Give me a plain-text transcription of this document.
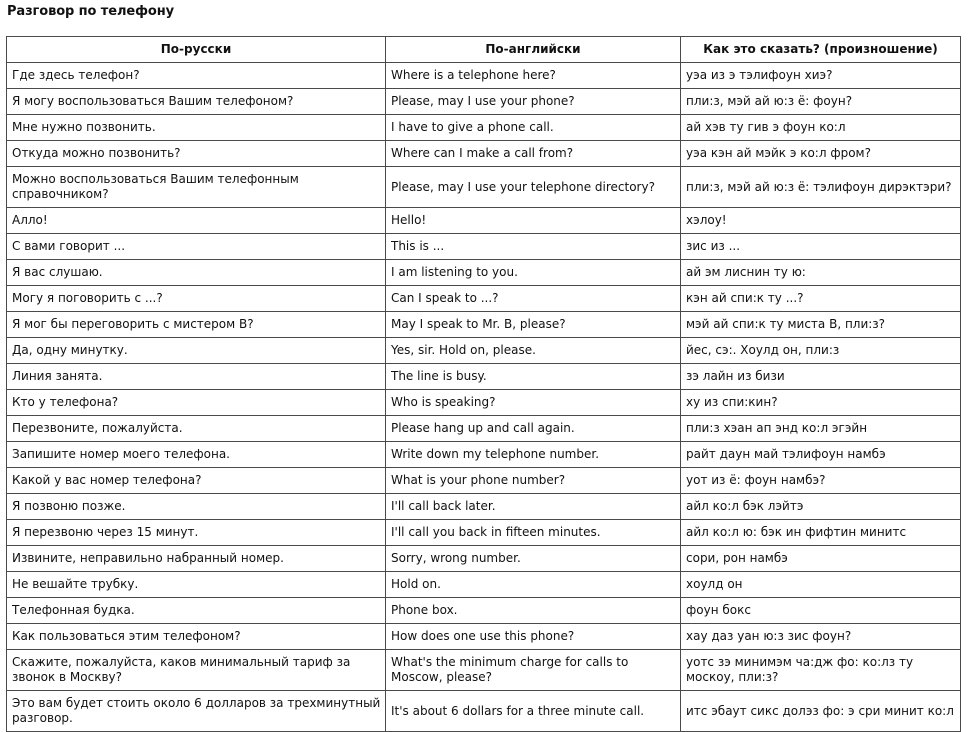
Разговор по телефону
По-русски	По-английски	Как это сказать? (произношение)
Где здесь телефон?	Where is a telephone here?	уэа из э тэлифоун хиэ?
Я могу воспользоваться Вашим телефоном?	Please, may I use your phone?	пли:з, мэй ай ю:з ё: фоун?
Мне нужно позвонить.	I have to give a phone call.	ай хэв ту гив э фоун ко:л
Откуда можно позвонить?	Where can I make a call from?	уэа кэн ай мэйк э ко:л фром?
Можно воспользоваться Вашим телефонным справочником?	Please, may I use your telephone directory?	пли:з, мэй ай ю:з ё: тэлифоун дирэктэри?
Алло!	Hello!	хэлоу!
С вами говорит ...	This is ...	зис из ...
Я вас слушаю.	I am listening to you.	ай эм лиснин ту ю:
Могу я поговорить с ...?	Can I speak to ...?	кэн ай спи:к ту ...?
Я мог бы переговорить с мистером В?	May I speak to Mr. B, please?	мэй ай спи:к ту миста В, пли:з?
Да, одну минутку.	Yes, sir. Hold on, please.	йес, сэ:. Хоулд он, пли:з
Линия занята.	The line is busy.	зэ лайн из бизи
Кто у телефона?	Who is speaking?	ху из спи:кин?
Перезвоните, пожалуйста.	Please hang up and call again.	пли:з хэан ап энд ко:л эгэйн
Запишите номер моего телефона.	Write down my telephone number.	райт даун май тэлифоун намбэ
Какой у вас номер телефона?	What is your phone number?	уот из ё: фоун намбэ?
Я позвоню позже.	I'll call back later.	айл ко:л бэк лэйтэ
Я перезвоню через 15 минут.	I'll call you back in fifteen minutes.	айл ко:л ю: бэк ин фифтин минитс
Извините, неправильно набранный номер.	Sorry, wrong number.	сори, рон намбэ
Не вешайте трубку.	Hold on.	хоулд он
Телефонная будка.	Phone box.	фоун бокс
Как пользоваться этим телефоном?	How does one use this phone?	хау даз уан ю:з зис фоун?
Скажите, пожалуйста, каков минимальный тариф за звонок в Москву?	What's the minimum charge for calls to Moscow, please?	уотс зэ минимэм ча:дж фо: ко:лз ту москоу, пли:з?
Это вам будет стоить около 6 долларов за трехминутный разговор.	It's about 6 dollars for a three minute call.	итс эбаут сикс долэз фо: э сри минит ко:л
